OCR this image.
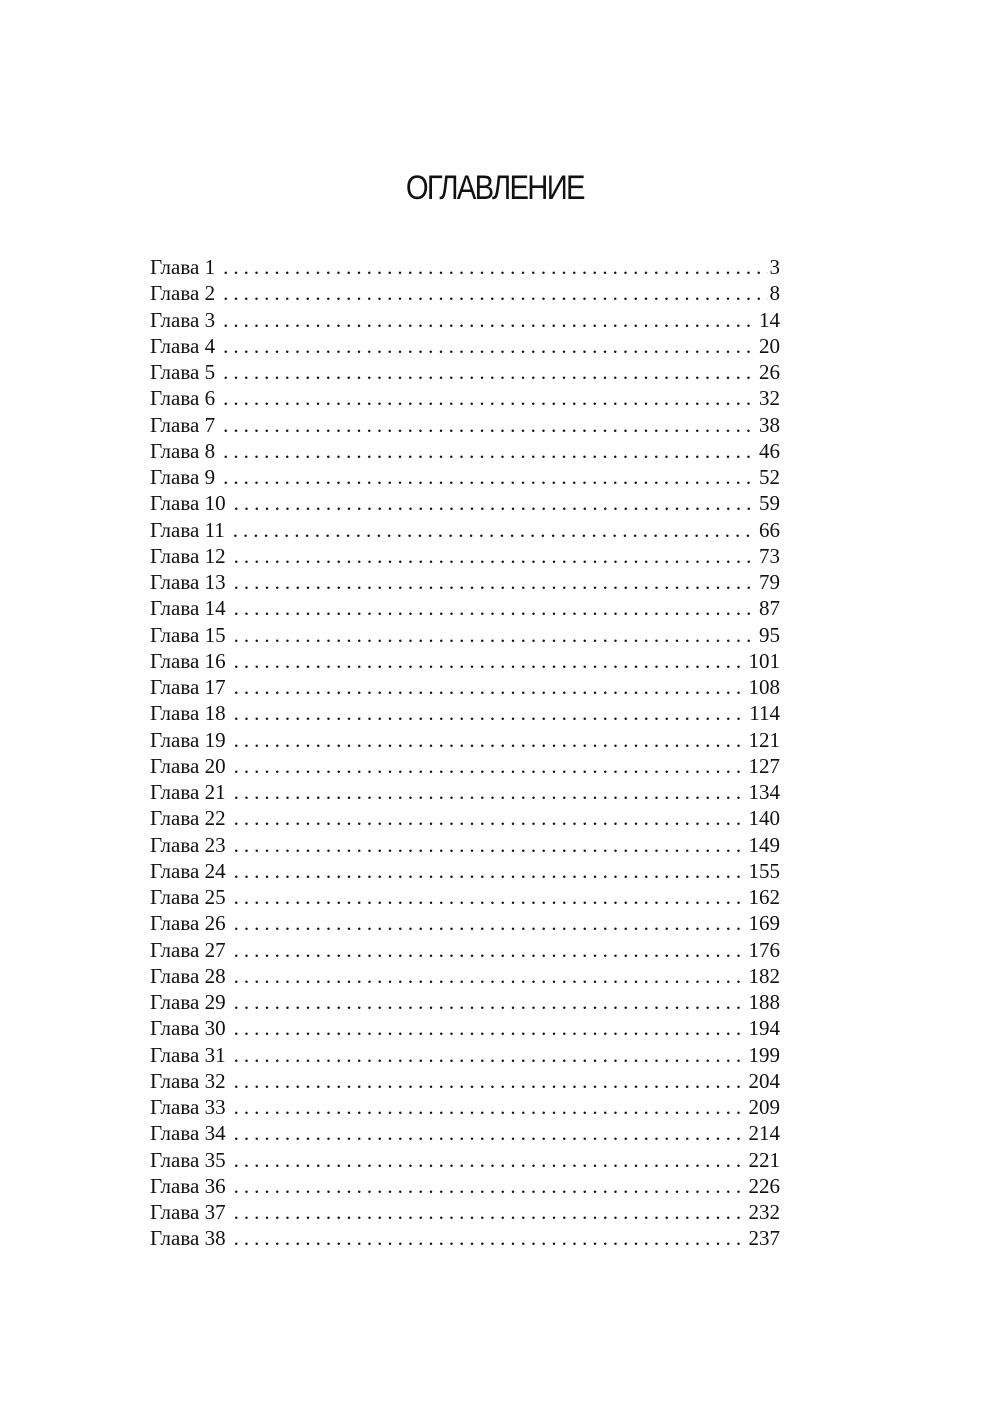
ОГЛАВЛЕНИЕ
Глава 1 .....	3
Глава 2 .....	8
Глава 3 .....	14
Глава 4 .....	20
Глава 5 .....	26
Глава 6 .....	32
Глава 7 .....	38
Глава 8 .....	46
Глава 9 .....	52
Глава 10 .....	59
Глава 11 .....	66
Глава 12 .....	73
Глава 13 .....	79
Глава 14 .....	87
Глава 15 .....	95
Глава 16 .....	101
Глава 17 .....	108
Глава 18 .....	114
Глава 19 .....	121
Глава 20 .....	127
Глава 21 .....	134
Глава 22 .....	140
Глава 23 .....	149
Глава 24 .....	155
Глава 25 .....	162
Глава 26 .....	169
Глава 27 .....	176
Глава 28 .....	182
Глава 29 .....	188
Глава 30 .....	194
Глава 31 .....	199
Глава 32 .....	204
Глава 33 .....	209
Глава 34 .....	214
Глава 35 .....	221
Глава 36 .....	226
Глава 37 .....	232
Глава 38 .....	237
